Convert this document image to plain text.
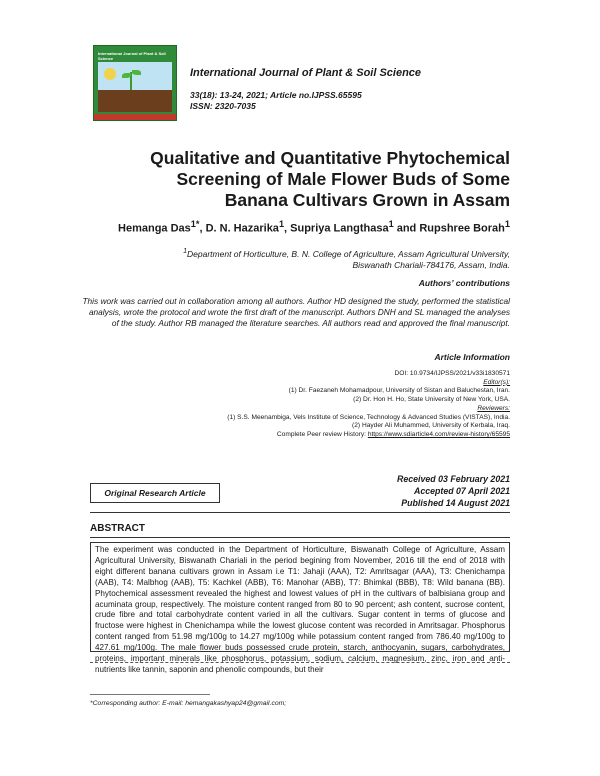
International Journal of Plant & Soil Science
International Journal of Plant & Soil Science
33(18): 13-24, 2021; Article no.IJPSS.65595
ISSN: 2320-7035
Qualitative and Quantitative Phytochemical Screening of Male Flower Buds of Some Banana Cultivars Grown in Assam
Hemanga Das$^{1*}$, D. N. Hazarika$^1$, Supriya Langthasa$^1$ and Rupshree Borah$^1$
$^1$Department of Horticulture, B. N. College of Agriculture, Assam Agricultural University,
Biswanath Chariali-784176, Assam, India.
Authors’ contributions
This work was carried out in collaboration among all authors. Author HD designed the study, performed the statistical analysis, wrote the protocol and wrote the first draft of the manuscript. Authors DNH and SL managed the analyses of the study. Author RB managed the literature searches. All authors read and approved the final manuscript.
Article Information
DOI: 10.9734/IJPSS/2021/v33i1830571
Editor(s):
(1) Dr. Faezaneh Mohamadpour, University of Sistan and Baluchestan, Iran.
(2) Dr. Hon H. Ho, State University of New York, USA.
Reviewers:
(1) S.S. Meenambiga, Vels Institute of Science, Technology & Advanced Studies (VISTAS), India.
(2) Hayder Ali Muhammed, University of Kerbala, Iraq.
Complete Peer review History: https://www.sdiarticle4.com/review-history/65595
Original Research Article
Received 03 February 2021
Accepted 07 April 2021
Published 14 August 2021
ABSTRACT
The experiment was conducted in the Department of Horticulture, Biswanath College of Agriculture, Assam Agricultural University, Biswanath Chariali in the period begining from November, 2016 till the end of 2018 with eight different banana cultivars grown in Assam i.e T1: Jahaji (AAA), T2: Amritsagar (AAA), T3: Chenichampa (AAB), T4: Malbhog (AAB), T5: Kachkel (ABB), T6: Manohar (ABB), T7: Bhimkal (BBB), T8: Wild banana (BB). Phytochemical assessment revealed the highest and lowest values of pH in the cultivars of balbisiana group and acuminata group, respectively. The moisture content ranged from 80 to 90 percent; ash content, sucrose content, crude fibre and total carbohydrate content varied in all the cultivars. Sugar content in terms of glucose and fructose were highest in Chenichampa while the lowest glucose content was recorded in Amritsagar. Phosphorus content ranged from 51.98 mg/100g to 14.27 mg/100g while potassium content ranged from 786.40 mg/100g to 427.61 mg/100g. The male flower buds possessed crude protein, starch, anthocyanin, sugars, carbohydrates, proteins, important minerals like phosphorus, potassium, sodium, calcium, magnesium, zinc, iron and anti-nutrients like tannin, saponin and phenolic compounds, but their
*Corresponding author: E-mail: hemangakashyap24@gmail.com;
